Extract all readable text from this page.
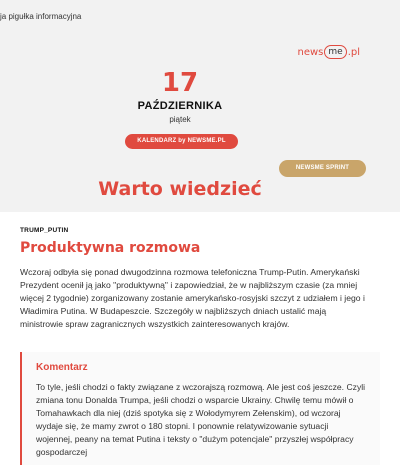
ja pigułka informacyjna
news me .pl
17
PAŹDZIERNIKA
piątek
KALENDARZ by NEWSME.PL
NEWSME SPRINT
Warto wiedzieć
TRUMP_PUTIN
Produktywna rozmowa
Wczoraj odbyła się ponad dwugodzinna rozmowa telefoniczna Trump-Putin. Amerykański Prezydent ocenił ją jako "produktywną" i zapowiedział, że w najbliższym czasie (za mniej więcej 2 tygodnie) zorganizowany zostanie amerykańsko-rosyjski szczyt z udziałem i jego i Władimira Putina. W Budapeszcie. Szczegóły w najbliższych dniach ustalić mają ministrowie spraw zagranicznych wszystkich zainteresowanych krajów.
Komentarz
To tyle, jeśli chodzi o fakty związane z wczorajszą rozmową. Ale jest coś jeszcze. Czyli zmiana tonu Donalda Trumpa, jeśli chodzi o wsparcie Ukrainy. Chwilę temu mówił o Tomahawkach dla niej (dziś spotyka się z Wołodymyrem Zełenskim), od wczoraj wydaje się, że mamy zwrot o 180 stopni. I ponownie relatywizowanie sytuacji wojennej, peany na temat Putina i teksty o "dużym potencjale" przyszłej współpracy gospodarczej
